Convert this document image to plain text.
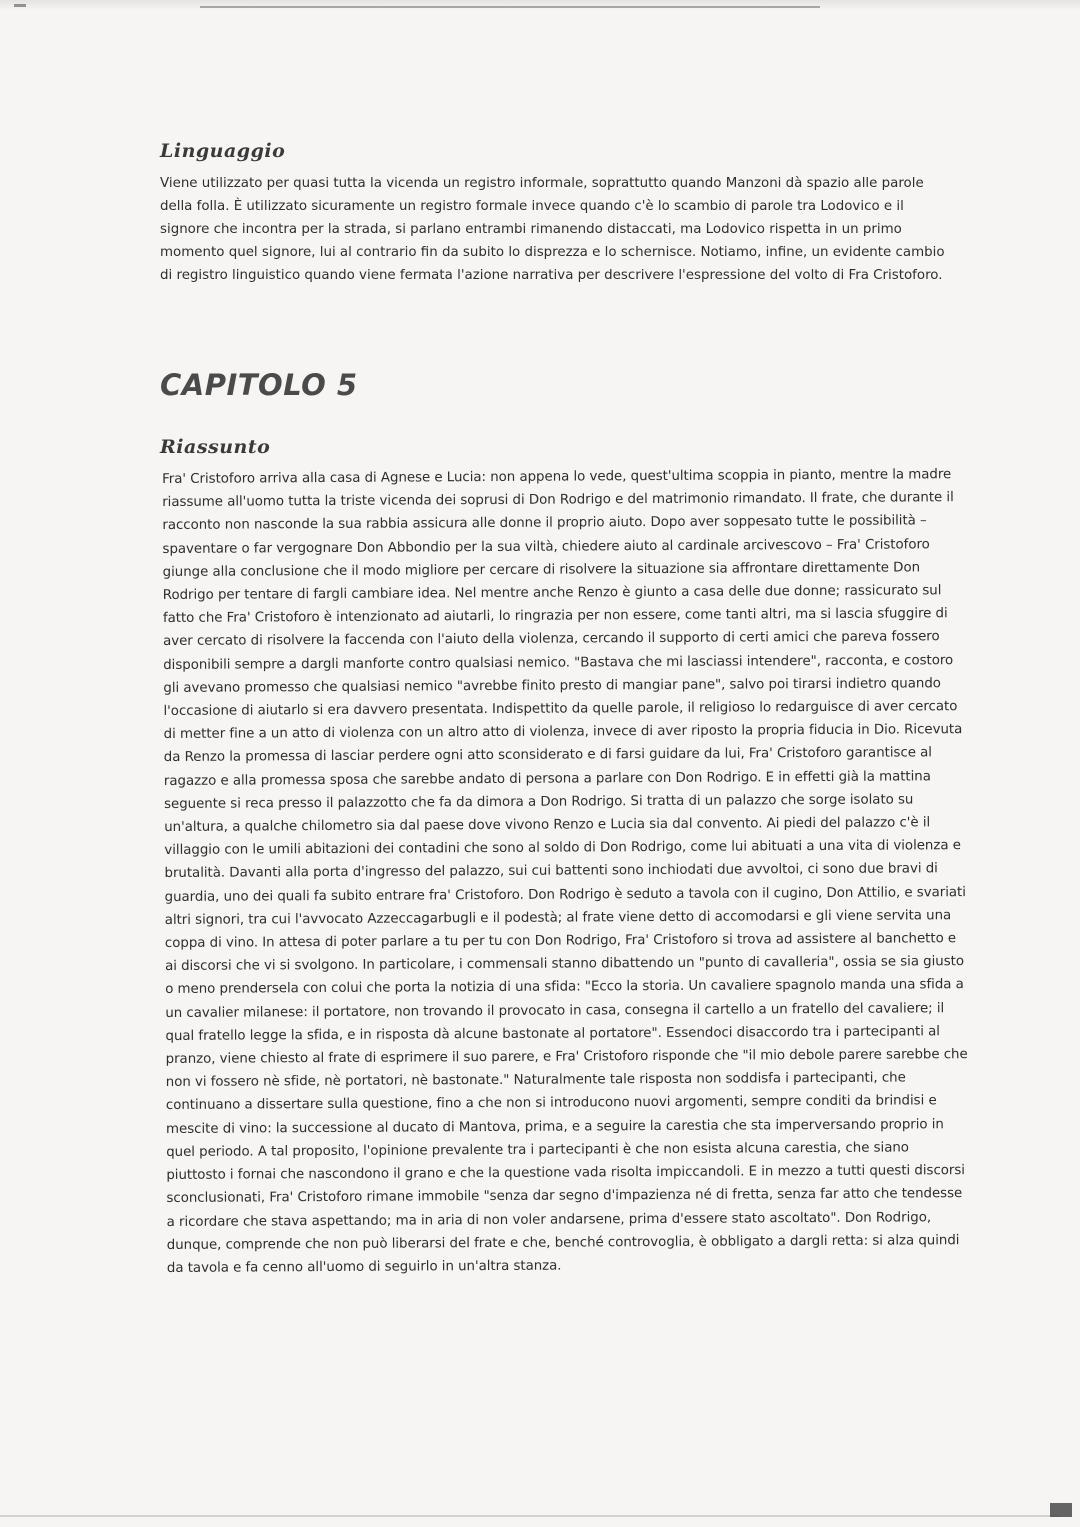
Linguaggio

Viene utilizzato per quasi tutta la vicenda un registro informale, soprattutto quando Manzoni dà spazio alle parole della folla. È utilizzato sicuramente un registro formale invece quando c'è lo scambio di parole tra Lodovico e il signore che incontra per la strada, si parlano entrambi rimanendo distaccati, ma Lodovico rispetta in un primo momento quel signore, lui al contrario fin da subito lo disprezza e lo schernisce. Notiamo, infine, un evidente cambio di registro linguistico quando viene fermata l'azione narrativa per descrivere l'espressione del volto di Fra Cristoforo.

CAPITOLO 5
Riassunto

Fra' Cristoforo arriva alla casa di Agnese e Lucia: non appena lo vede, quest'ultima scoppia in pianto, mentre la madre riassume all'uomo tutta la triste vicenda dei soprusi di Don Rodrigo e del matrimonio rimandato. Il frate, che durante il racconto non nasconde la sua rabbia assicura alle donne il proprio aiuto. Dopo aver soppesato tutte le possibilità – spaventare o far vergognare Don Abbondio per la sua viltà, chiedere aiuto al cardinale arcivescovo – Fra' Cristoforo giunge alla conclusione che il modo migliore per cercare di risolvere la situazione sia affrontare direttamente Don Rodrigo per tentare di fargli cambiare idea. Nel mentre anche Renzo è giunto a casa delle due donne; rassicurato sul fatto che Fra' Cristoforo è intenzionato ad aiutarli, lo ringrazia per non essere, come tanti altri, ma si lascia sfuggire di aver cercato di risolvere la faccenda con l'aiuto della violenza, cercando il supporto di certi amici che pareva fossero disponibili sempre a dargli manforte contro qualsiasi nemico. "Bastava che mi lasciassi intendere", racconta, e costoro gli avevano promesso che qualsiasi nemico "avrebbe finito presto di mangiar pane", salvo poi tirarsi indietro quando l'occasione di aiutarlo si era davvero presentata. Indispettito da quelle parole, il religioso lo redarguisce di aver cercato di metter fine a un atto di violenza con un altro atto di violenza, invece di aver riposto la propria fiducia in Dio. Ricevuta da Renzo la promessa di lasciar perdere ogni atto sconsiderato e di farsi guidare da lui, Fra' Cristoforo garantisce al ragazzo e alla promessa sposa che sarebbe andato di persona a parlare con Don Rodrigo. E in effetti già la mattina seguente si reca presso il palazzotto che fa da dimora a Don Rodrigo. Si tratta di un palazzo che sorge isolato su un'altura, a qualche chilometro sia dal paese dove vivono Renzo e Lucia sia dal convento. Ai piedi del palazzo c'è il villaggio con le umili abitazioni dei contadini che sono al soldo di Don Rodrigo, come lui abituati a una vita di violenza e brutalità. Davanti alla porta d'ingresso del palazzo, sui cui battenti sono inchiodati due avvoltoi, ci sono due bravi di guardia, uno dei quali fa subito entrare fra' Cristoforo. Don Rodrigo è seduto a tavola con il cugino, Don Attilio, e svariati altri signori, tra cui l'avvocato Azzeccagarbugli e il podestà; al frate viene detto di accomodarsi e gli viene servita una coppa di vino. In attesa di poter parlare a tu per tu con Don Rodrigo, Fra' Cristoforo si trova ad assistere al banchetto e ai discorsi che vi si svolgono. In particolare, i commensali stanno dibattendo un "punto di cavalleria", ossia se sia giusto o meno prendersela con colui che porta la notizia di una sfida: "Ecco la storia. Un cavaliere spagnolo manda una sfida a un cavalier milanese: il portatore, non trovando il provocato in casa, consegna il cartello a un fratello del cavaliere; il qual fratello legge la sfida, e in risposta dà alcune bastonate al portatore". Essendoci disaccordo tra i partecipanti al pranzo, viene chiesto al frate di esprimere il suo parere, e Fra' Cristoforo risponde che "il mio debole parere sarebbe che non vi fossero nè sfide, nè portatori, nè bastonate." Naturalmente tale risposta non soddisfa i partecipanti, che continuano a dissertare sulla questione, fino a che non si introducono nuovi argomenti, sempre conditi da brindisi e mescite di vino: la successione al ducato di Mantova, prima, e a seguire la carestia che sta imperversando proprio in quel periodo. A tal proposito, l'opinione prevalente tra i partecipanti è che non esista alcuna carestia, che siano piuttosto i fornai che nascondono il grano e che la questione vada risolta impiccandoli. E in mezzo a tutti questi discorsi sconclusionati, Fra' Cristoforo rimane immobile "senza dar segno d'impazienza né di fretta, senza far atto che tendesse a ricordare che stava aspettando; ma in aria di non voler andarsene, prima d'essere stato ascoltato". Don Rodrigo, dunque, comprende che non può liberarsi del frate e che, benché controvoglia, è obbligato a dargli retta: si alza quindi da tavola e fa cenno all'uomo di seguirlo in un'altra stanza.
